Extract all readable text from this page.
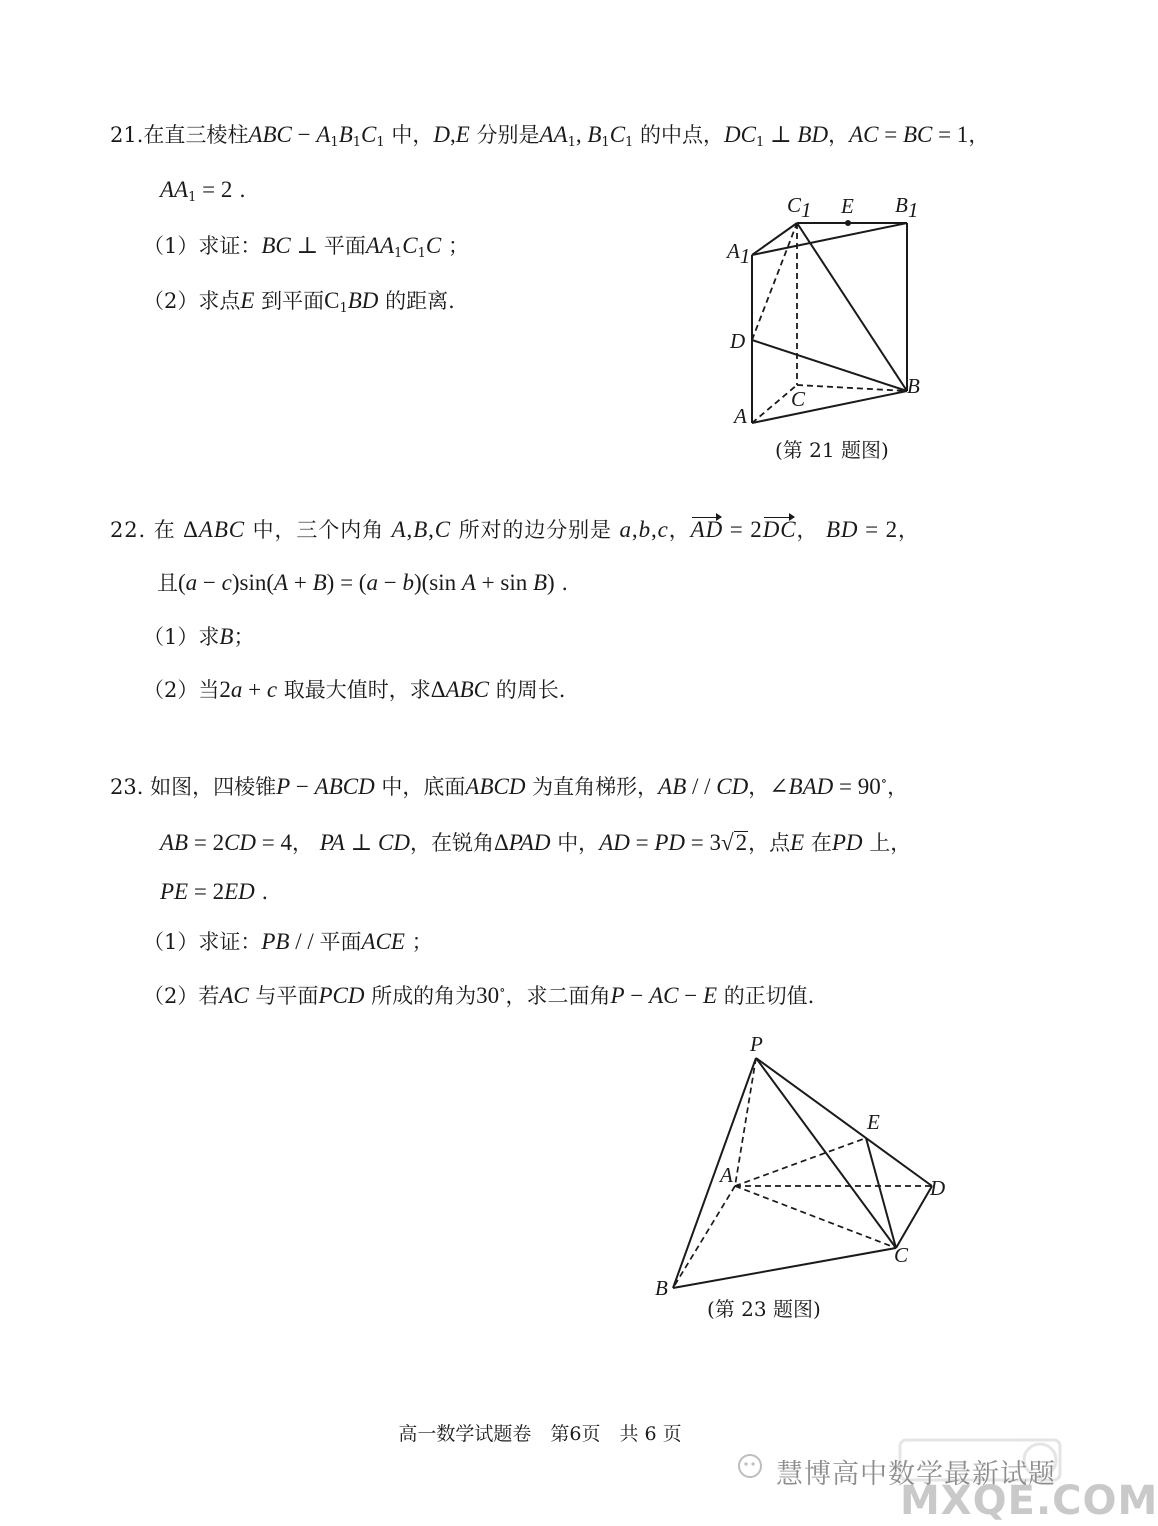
21.在直三棱柱ABC − $A_1B_1C_1$ 中，D,E 分别是$AA_1$, $B_1C_1$ 的中点，$DC_1$ ⊥ BD，AC = BC = 1，
$AA_1 = 2$ .
（1）求证：BC ⊥ 平面$AA_1C_1C$ ；
（2）求点E 到平面$C_1BD$ 的距离.
C1 E B1
A1
D
B
C
A
(第 21 题图)
22. 在 ΔABC 中，三个内角 A,B,C 所对的边分别是 a,b,c，AD = 2DC， BD = 2，
且(a − c)sin(A + B) = (a − b)(sin A + sin B) .
（1）求B；
（2）当2a + c 取最大值时，求ΔABC 的周长.
23. 如图，四棱锥P − ABCD 中，底面ABCD 为直角梯形，AB / / CD，∠BAD = 90∘，
AB = 2CD = 4， PA ⊥ CD，在锐角ΔPAD 中，AD = PD = 3√2，点E 在PD 上，
PE = 2ED .
（1）求证：PB / / 平面ACE ；
（2）若AC 与平面PCD 所成的角为30∘，求二面角P − AC − E 的正切值.
P
E
A
D
C
B
(第 23 题图)
高一数学试题卷　第6页　共 6 页
慧博高中数学最新试题
MXQE.COM
